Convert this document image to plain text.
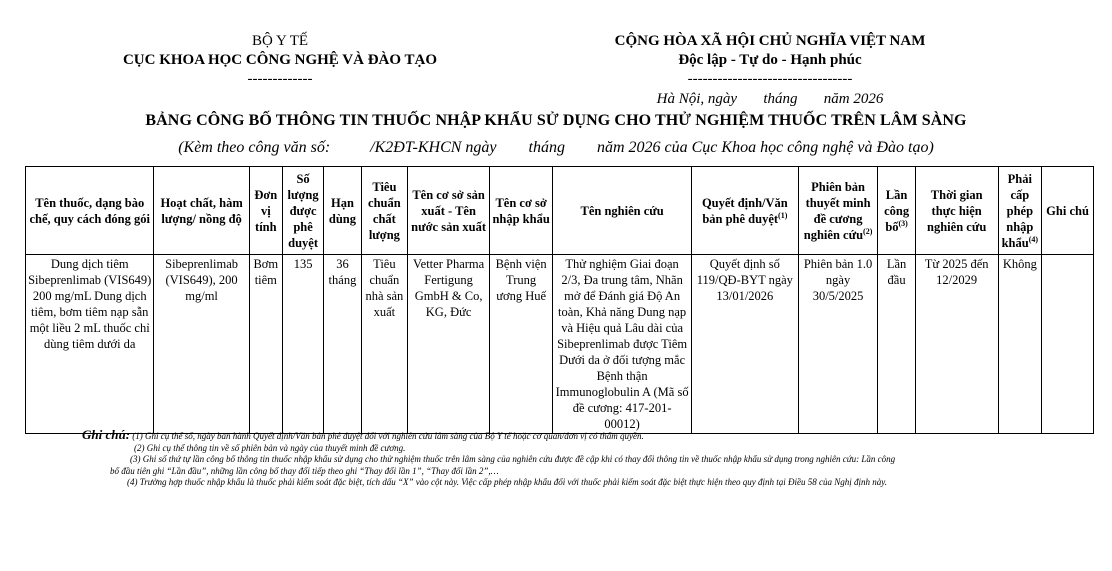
BỘ Y TẾ
CỤC KHOA HỌC CÔNG NGHỆ VÀ ĐÀO TẠO
-------------
CỘNG HÒA XÃ HỘI CHỦ NGHĨA VIỆT NAM
Độc lập - Tự do - Hạnh phúc
---------------------------------
Hà Nội, ngày       tháng       năm 2026
BẢNG CÔNG BỐ THÔNG TIN THUỐC NHẬP KHẨU SỬ DỤNG CHO THỬ NGHIỆM THUỐC TRÊN LÂM SÀNG
(Kèm theo công văn số:          /K2ĐT-KHCN ngày        tháng        năm 2026 của Cục Khoa học công nghệ và Đào tạo)
Tên thuốc, dạng bào chế, quy cách đóng gói	Hoạt chất, hàm lượng/ nồng độ	Đơn vị tính	Số lượng được phê duyệt	Hạn dùng	Tiêu chuẩn chất lượng	Tên cơ sở sản xuất - Tên nước sản xuất	Tên cơ sở nhập khẩu	Tên nghiên cứu	Quyết định/Văn bản phê duyệt$^{(1)}$	Phiên bản thuyết minh đề cương nghiên cứu$^{(2)}$	Lần công bố$^{(3)}$	Thời gian thực hiện nghiên cứu	Phải cấp phép nhập khẩu$^{(4)}$	Ghi chú
Dung dịch tiêm Sibeprenlimab (VIS649) 200 mg/mL Dung dịch tiêm, bơm tiêm nạp sẵn một liều 2 mL thuốc chỉ dùng tiêm dưới da	Sibeprenlimab (VIS649), 200 mg/ml	Bơm tiêm	135	36 tháng	Tiêu chuẩn nhà sản xuất	Vetter Pharma Fertigung GmbH & Co, KG, Đức	Bệnh viện Trung ương Huế	Thử nghiệm Giai đoạn 2/3, Đa trung tâm, Nhãn mở để Đánh giá Độ An toàn, Khả năng Dung nạp và Hiệu quả Lâu dài của Sibeprenlimab được Tiêm Dưới da ở đối tượng mắc Bệnh thận Immunoglobulin A (Mã số đề cương: 417-201-00012)	Quyết định số 119/QĐ-BYT ngày 13/01/2026	Phiên bản 1.0 ngày 30/5/2025	Lần đầu	Từ 2025 đến 12/2029	Không	
Ghi chú: (1) Ghi cụ thể số, ngày ban hành Quyết định/Văn bản phê duyệt đối với nghiên cứu lâm sàng của Bộ Y tế hoặc cơ quan/đơn vị có thẩm quyền.
(2) Ghi cụ thể thông tin về số phiên bản và ngày của thuyết minh đề cương.
(3) Ghi số thứ tự lần công bố thông tin thuốc nhập khẩu sử dụng cho thử nghiệm thuốc trên lâm sàng của nghiên cứu được đề cập khi có thay đổi thông tin về thuốc nhập khẩu sử dụng trong nghiên cứu: Lần công
bố đầu tiên ghi “Lần đầu”, những lần công bố thay đổi tiếp theo ghi “Thay đổi lần 1”, “Thay đổi lần 2”,…
(4) Trường hợp thuốc nhập khẩu là thuốc phải kiểm soát đặc biệt, tích dấu “X” vào cột này. Việc cấp phép nhập khẩu đối với thuốc phải kiểm soát đặc biệt thực hiện theo quy định tại Điều 58 của Nghị định này.
